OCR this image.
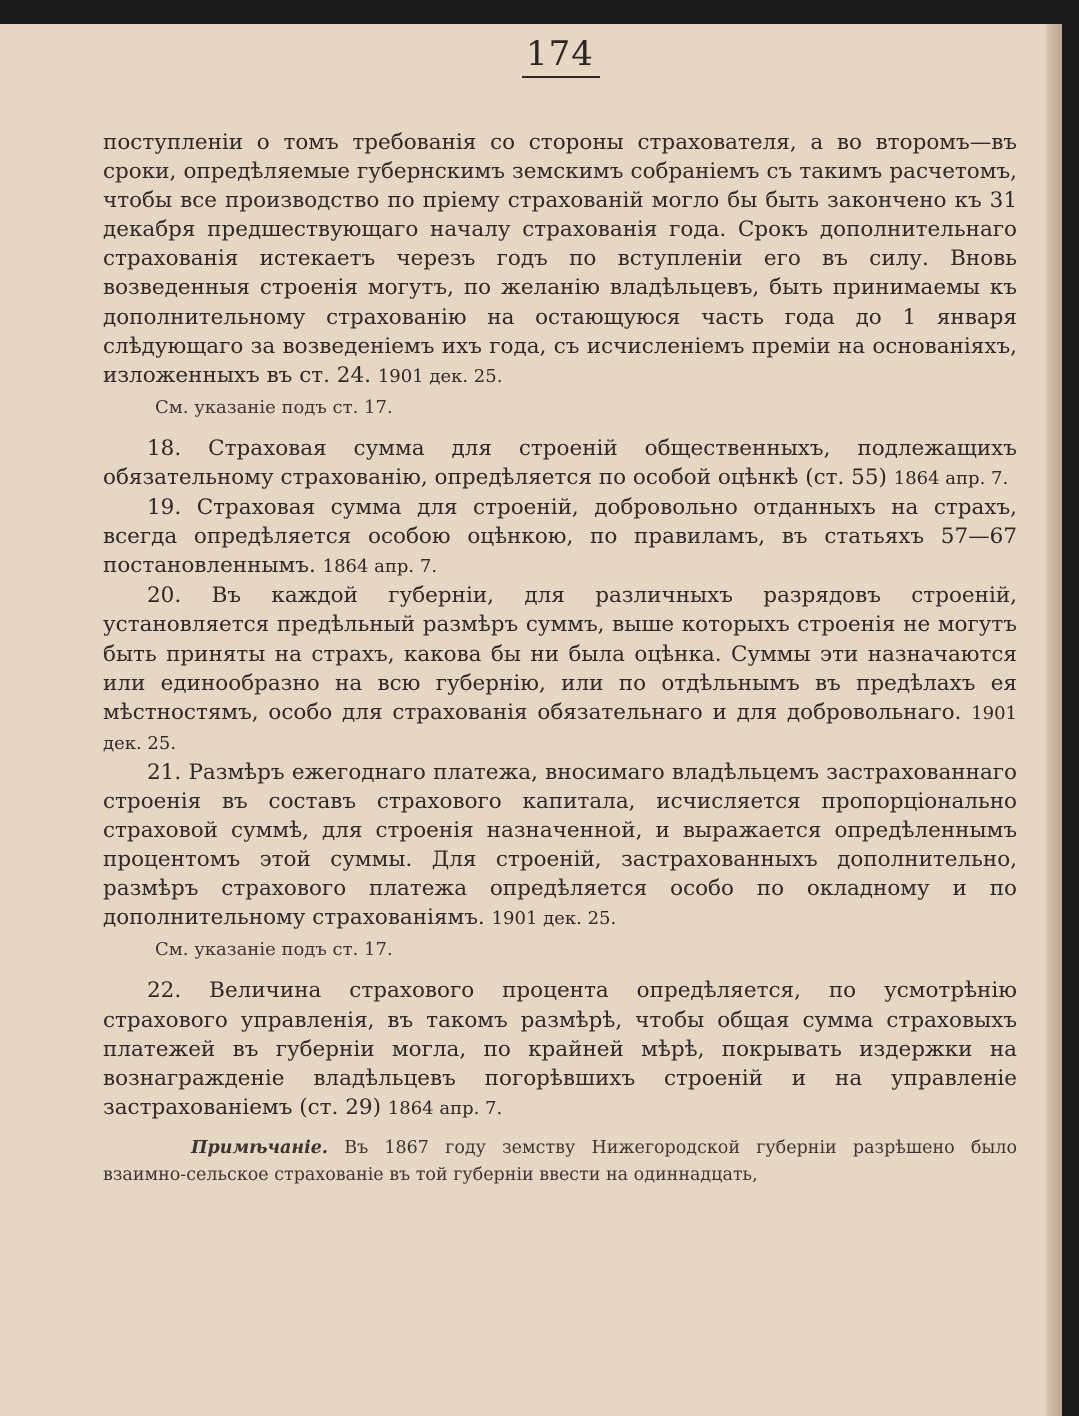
174

поступленіи о томъ требованія со стороны страхователя, а во второмъ—въ сроки, опредѣляемые губернскимъ земскимъ собраніемъ съ такимъ расчетомъ, чтобы все производство по пріему страхованій могло бы быть закончено къ 31 декабря предшествующаго началу страхованія года. Срокъ дополнительнаго страхованія истекаетъ черезъ годъ по вступленіи его въ силу. Вновь возведенныя строенія могутъ, по желанію владѣльцевъ, быть принимаемы къ дополнительному страхованію на остающуюся часть года до 1 января слѣдующаго за возведеніемъ ихъ года, съ исчисленіемъ преміи на основаніяхъ, изложенныхъ въ ст. 24. 1901 дек. 25.

См. указаніе подъ ст. 17.

18. Страховая сумма для строеній общественныхъ, подлежащихъ обязательному страхованію, опредѣляется по особой оцѣнкѣ (ст. 55) 1864 апр. 7.

19. Страховая сумма для строеній, добровольно отданныхъ на страхъ, всегда опредѣляется особою оцѣнкою, по правиламъ, въ статьяхъ 57—67 постановленнымъ. 1864 апр. 7.

20. Въ каждой губерніи, для различныхъ разрядовъ строеній, установляется предѣльный размѣръ суммъ, выше которыхъ строенія не могутъ быть приняты на страхъ, какова бы ни была оцѣнка. Суммы эти назначаются или единообразно на всю губернію, или по отдѣльнымъ въ предѣлахъ ея мѣстностямъ, особо для страхованія обязательнаго и для добровольнаго. 1901 дек. 25.

21. Размѣръ ежегоднаго платежа, вносимаго владѣльцемъ застрахованнаго строенія въ составъ страхового капитала, исчисляется пропорціонально страховой суммѣ, для строенія назначенной, и выражается опредѣленнымъ процентомъ этой суммы. Для строеній, застрахованныхъ дополнительно, размѣръ страхового платежа опредѣляется особо по окладному и по дополнительному страхованіямъ. 1901 дек. 25.

См. указаніе подъ ст. 17.

22. Величина страхового процента опредѣляется, по усмотрѣнію страхового управленія, въ такомъ размѣрѣ, чтобы общая сумма страховыхъ платежей въ губерніи могла, по крайней мѣрѣ, покрывать издержки на вознагражденіе владѣльцевъ погорѣвшихъ строеній и на управленіе застрахованіемъ (ст. 29) 1864 апр. 7.

Примѣчаніе. Въ 1867 году земству Нижегородской губерніи разрѣшено было взаимно-сельское страхованіе въ той губерніи ввести на одиннадцать,
